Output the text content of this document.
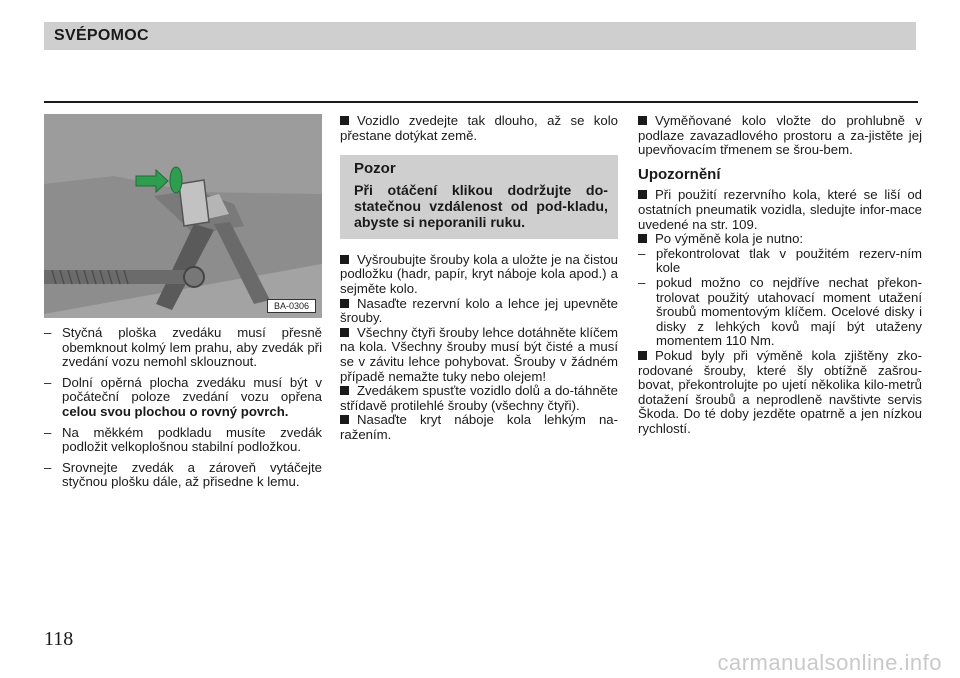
SVÉPOMOC
BA-0306
– Styčná ploška zvedáku musí přesně obemknout kolmý lem prahu, aby zvedák při zvedání vozu nemohl sklouznout.
– Dolní opěrná plocha zvedáku musí být v počáteční poloze zvedání vozu opřena celou svou plochou o rovný povrch.
– Na měkkém podkladu musíte zvedák podložit velkoplošnou stabilní podložkou.
– Srovnejte zvedák a zároveň vytáčejte styčnou plošku dále, až přisedne k lemu.

Vozidlo zvedejte tak dlouho, až se kolo přestane dotýkat země.

Pozor
Při otáčení klikou dodržujte do-statečnou vzdálenost od pod-kladu, abyste si neporanili ruku.

Vyšroubujte šrouby kola a uložte je na čistou podložku (hadr, papír, kryt náboje kola apod.) a sejměte kolo.

Nasaďte rezervní kolo a lehce jej upevněte šrouby.

Všechny čtyři šrouby lehce dotáhněte klíčem na kola. Všechny šrouby musí být čisté a musí se v závitu lehce pohybovat. Šrouby v žádném případě nemažte tuky nebo olejem!

Zvedákem spusťte vozidlo dolů a do-táhněte střídavě protilehlé šrouby (všechny čtyři).

Nasaďte kryt náboje kola lehkým na-ražením.

Vyměňované kolo vložte do prohlubně v podlaze zavazadlového prostoru a za-jistěte jej upevňovacím třmenem se šrou-bem.

Upozornění

Při použití rezervního kola, které se liší od ostatních pneumatik vozidla, sledujte infor-mace uvedené na str. 109.

Po výměně kola je nutno:

– překontrolovat tlak v použitém rezerv-ním kole
– pokud možno co nejdříve nechat překon-trolovat použitý utahovací moment utažení šroubů momentovým klíčem. Ocelové disky i disky z lehkých kovů mají být utaženy momentem 110 Nm.

Pokud byly při výměně kola zjištěny zko-rodované šrouby, které šly obtížně zašrou-bovat, překontrolujte po ujetí několika kilo-metrů dotažení šroubů a neprodleně navštivte servis Škoda. Do té doby jezděte opatrně a jen nízkou rychlostí.

118
carmanualsonline.info
